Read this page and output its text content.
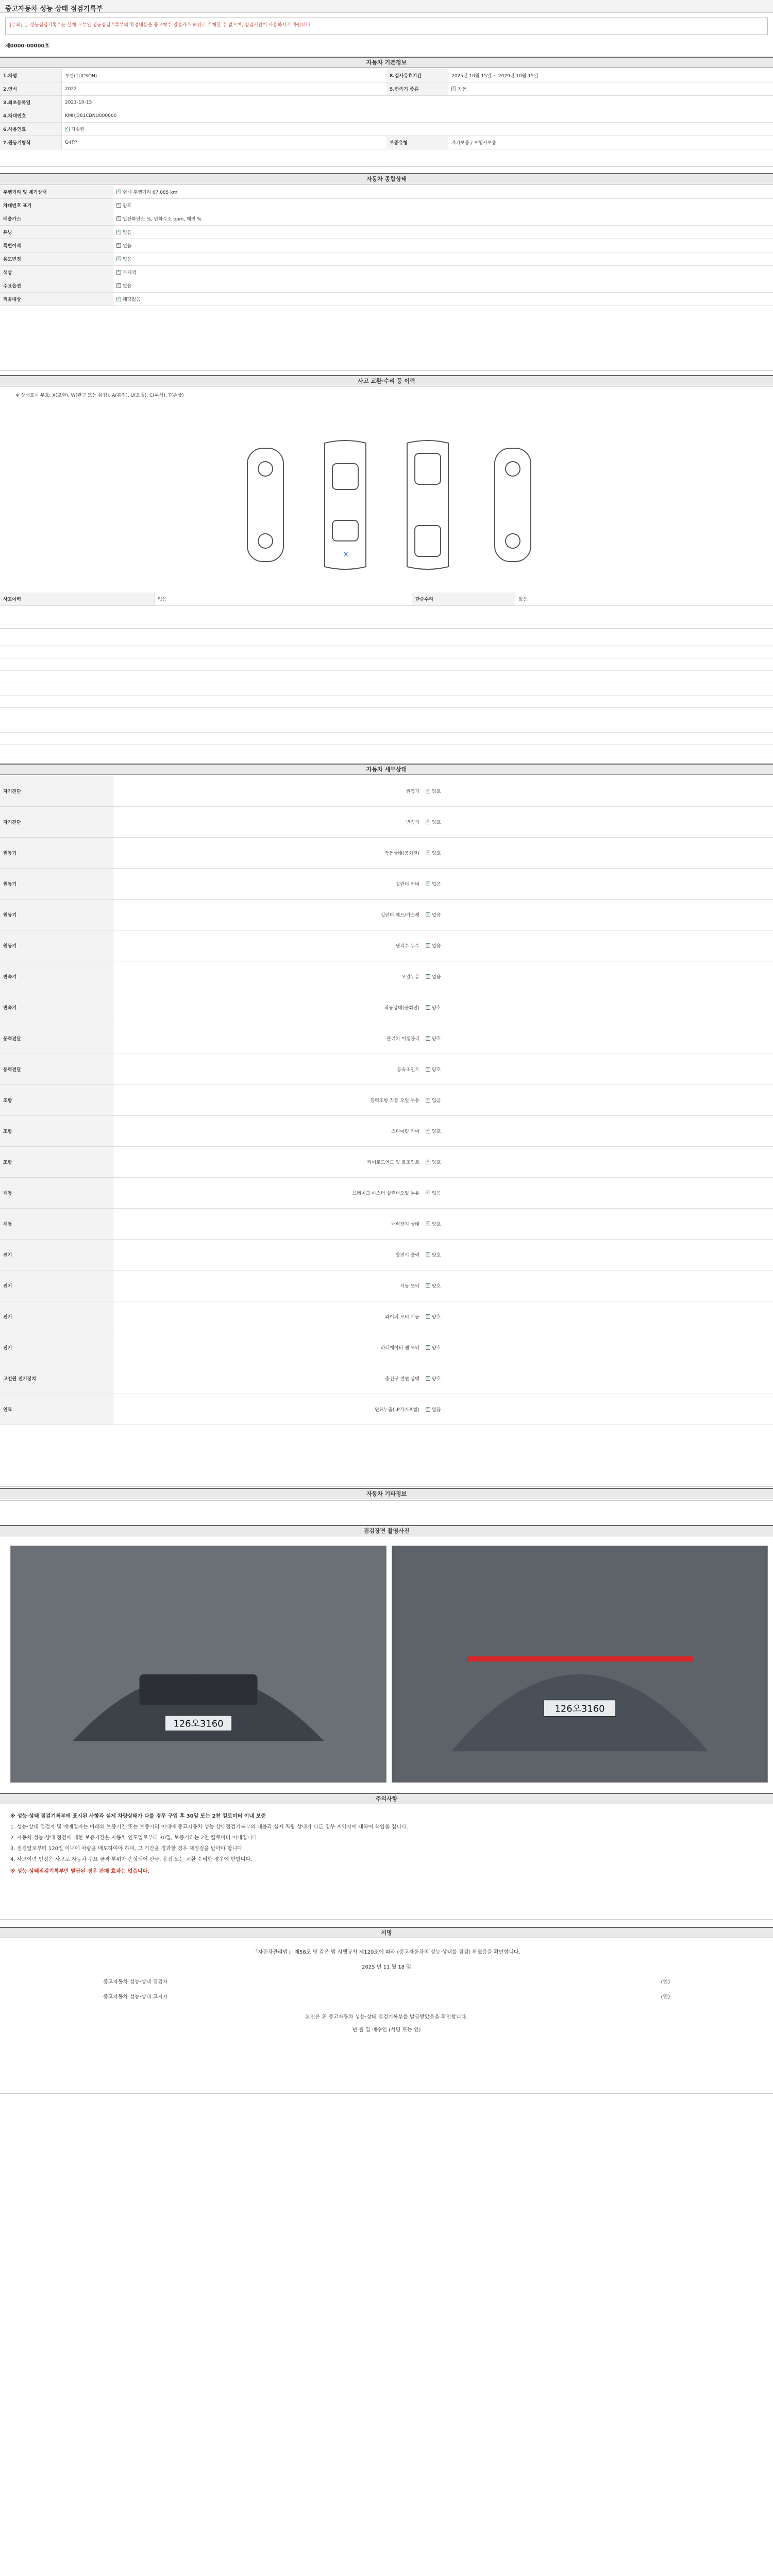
중고자동차 성능 상태 점검기록부
[주의] 본 성능점검기록부는 실제 교부된 성능점검기록부의 확정내용을 중고매수 영업자가 허위로 기재할 수 없으며, 점검기관이 사용하시기 바랍니다.
제0000-00000호
자동차 기본정보
1.차명	투싼(TUCSON)	8.검사유효기간	2025년 10월 15일 ~ 2029년 10월 15일
2.연식	2022	5.변속기 종류 ✓	자동
3.최초등록일	2021-10-15
4.차대번호	KMHJ381CBNU000000
6.사용연료 ✓	가솔린
7.원동기형식	G4FP	보증유형	자가보증 / 보험사보증
자동차 종합상태
주행거리 및 계기상태 ✓	현재 주행거리 67,085 km
차대번호 표기 ✓	양호
배출가스 ✓	일산화탄소 %, 탄화수소 ppm, 매연 %
튜닝 ✓	없음
특별이력 ✓	없음
용도변경 ✓	없음
색상 ✓	무채색
주요옵션 ✓	없음
리콜대상 ✓	해당없음
사고 교환·수리 등 이력
※ 상태표시 부호: X(교환), W(판금 또는 용접), A(흠집), U(요철), C(부식), T(손상)
x
사고이력	없음	단순수리	없음
자동차 세부상태
자기진단	원동기 ✓	양호
자기진단	변속기 ✓	양호
원동기	작동상태(공회전) ✓	양호
원동기	실린더 커버 ✓	없음
원동기	실린더 헤드/가스켓 ✓	없음
원동기	냉각수 누수 ✓	없음
변속기	오일누유 ✓	없음
변속기	작동상태(공회전) ✓	양호
동력전달	클러치 어셈블리 ✓	양호
동력전달	등속조인트 ✓	양호
조향	동력조향 작동 오일 누유 ✓	없음
조향	스티어링 기어 ✓	양호
조향	타이로드엔드 및 볼조인트 ✓	양호
제동	브레이크 마스터 실린더오일 누유 ✓	없음
제동	배력장치 상태 ✓	양호
전기	발전기 출력 ✓	양호
전기	시동 모터 ✓	양호
전기	와이퍼 모터 기능 ✓	양호
전기	라디에이터 팬 모터 ✓	양호
고전원 전기장치	충전구 절연 상태 ✓	양호
연료	연료누출(LP가스포함) ✓	없음
자동차 기타정보
점검장면 촬영사진
126오3160
126오3160
주의사항
※ 성능·상태 점검기록부에 표시된 사항과 실제 차량상태가 다를 경우 구입 후 30일 또는 2천 킬로미터 이내 보증
1. 성능·상태 점검자 및 매매업자는 아래의 보증기간 또는 보증거리 이내에 중고자동차 성능 상태점검기록부의 내용과 실제 차량 상태가 다른 경우 계약자에 대하여 책임을 집니다.
2. 자동차 성능·상태 점검에 대한 보증기간은 자동차 인도일로부터 30일, 보증거리는 2천 킬로미터 이내입니다.
3. 점검일로부터 120일 이내에 차량을 매도하여야 하며, 그 기간을 경과한 경우 재점검을 받아야 합니다.
4. 사고이력 인정은 사고로 자동차 주요 골격 부위가 손상되어 판금, 용접 또는 교환 수리한 경우에 한합니다.
※ 성능·상태점검기록부만 발급된 경우 판매 효과는 없습니다.
서명
「자동차관리법」 제58조 및 같은 법 시행규칙 제120조에 따라 (중고자동차의 성능·상태를 점검) 하였음을 확인합니다.
2025 년 11 월 18 일
중고자동차 성능·상태 점검자	(인)
중고자동차 성능·상태 고지자	(인)
본인은 위 중고자동차 성능·상태 점검기록부를 발급받았음을 확인합니다.
년 월 일 매수인 (서명 또는 인)
